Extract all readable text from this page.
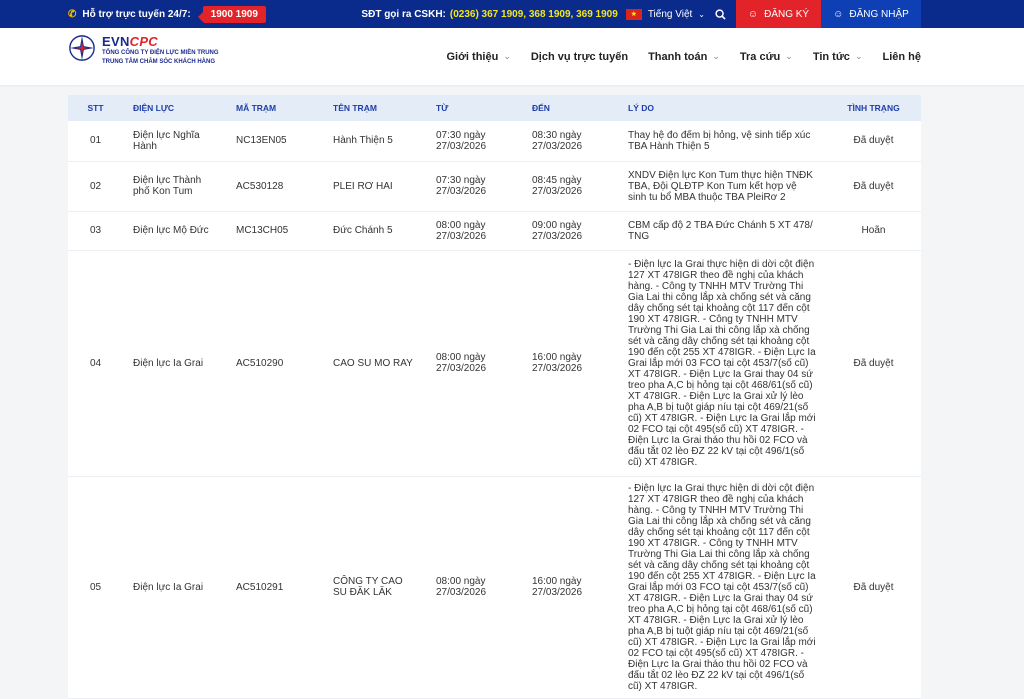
✆ Hỗ trợ trực tuyến 24/7:	1900 1909	SĐT gọi ra CSKH: (0236) 367 1909, 368 1909, 369 1909	★	Tiếng Việt ⌄	☺ ĐĂNG KÝ ☺ ĐĂNG NHẬP
EVNCPC
TỔNG CÔNG TY ĐIỆN LỰC MIỀN TRUNG
TRUNG TÂM CHĂM SÓC KHÁCH HÀNG	Giới thiệu ⌄ Dịch vụ trực tuyến Thanh toán ⌄ Tra cứu ⌄ Tin tức ⌄ Liên hệ
STT	ĐIỆN LỰC	MÃ TRẠM	TÊN TRẠM	TỪ	ĐẾN	LÝ DO	TÌNH TRẠNG
01	Điện lực Nghĩa Hành	NC13EN05	Hành Thiện 5	07:30 ngày 27/03/2026	08:30 ngày 27/03/2026	Thay hệ đo đếm bị hỏng, vệ sinh tiếp xúc TBA Hành Thiện 5	Đã duyệt
02	Điện lực Thành phố Kon Tum	AC530128	PLEI RƠ HAI	07:30 ngày 27/03/2026	08:45 ngày 27/03/2026	XNDV Điện lực Kon Tum thực hiện TNĐK TBA, Đội QLĐTP Kon Tum kết hợp vệ sinh tu bổ MBA thuộc TBA PleiRơ 2	Đã duyệt
03	Điện lực Mộ Đức	MC13CH05	Đức Chánh 5	08:00 ngày 27/03/2026	09:00 ngày 27/03/2026	CBM cấp độ 2 TBA Đức Chánh 5 XT 478/ TNG	Hoãn
04	Điện lực Ia Grai	AC510290	CAO SU MO RAY	08:00 ngày 27/03/2026	16:00 ngày 27/03/2026	- Điện lực Ia Grai thực hiện di dời cột điện 127 XT 478IGR theo đề nghị của khách hàng. - Công ty TNHH MTV Trường Thi Gia Lai thi công lắp xà chống sét và căng dây chống sét tại khoảng cột 117 đến cột 190 XT 478IGR. - Công ty TNHH MTV Trường Thi Gia Lai thi công lắp xà chống sét và căng dây chống sét tại khoảng cột 190 đến cột 255 XT 478IGR. - Điện Lực Ia Grai lắp mới 03 FCO tại cột 453/7(số cũ) XT 478IGR. - Điện Lực Ia Grai thay 04 sứ treo pha A,C bị hỏng tại cột 468/61(số cũ) XT 478IGR. - Điện Lực Ia Grai xử lý lèo pha A,B bị tuột giáp níu tại cột 469/21(số cũ) XT 478IGR. - Điện Lực Ia Grai lắp mới 02 FCO tại cột 495(số cũ) XT 478IGR. - Điện Lực Ia Grai tháo thu hồi 02 FCO và đấu tắt 02 lèo ĐZ 22 kV tại cột 496/1(số cũ) XT 478IGR.	Đã duyệt
05	Điện lực Ia Grai	AC510291	CÔNG TY CAO SU ĐĂK LĂK	08:00 ngày 27/03/2026	16:00 ngày 27/03/2026	- Điện lực Ia Grai thực hiện di dời cột điện 127 XT 478IGR theo đề nghị của khách hàng. - Công ty TNHH MTV Trường Thi Gia Lai thi công lắp xà chống sét và căng dây chống sét tại khoảng cột 117 đến cột 190 XT 478IGR. - Công ty TNHH MTV Trường Thi Gia Lai thi công lắp xà chống sét và căng dây chống sét tại khoảng cột 190 đến cột 255 XT 478IGR. - Điện Lực Ia Grai lắp mới 03 FCO tại cột 453/7(số cũ) XT 478IGR. - Điện Lực Ia Grai thay 04 sứ treo pha A,C bị hỏng tại cột 468/61(số cũ) XT 478IGR. - Điện Lực Ia Grai xử lý lèo pha A,B bị tuột giáp níu tại cột 469/21(số cũ) XT 478IGR. - Điện Lực Ia Grai lắp mới 02 FCO tại cột 495(số cũ) XT 478IGR. - Điện Lực Ia Grai tháo thu hồi 02 FCO và đấu tắt 02 lèo ĐZ 22 kV tại cột 496/1(số cũ) XT 478IGR.	Đã duyệt
